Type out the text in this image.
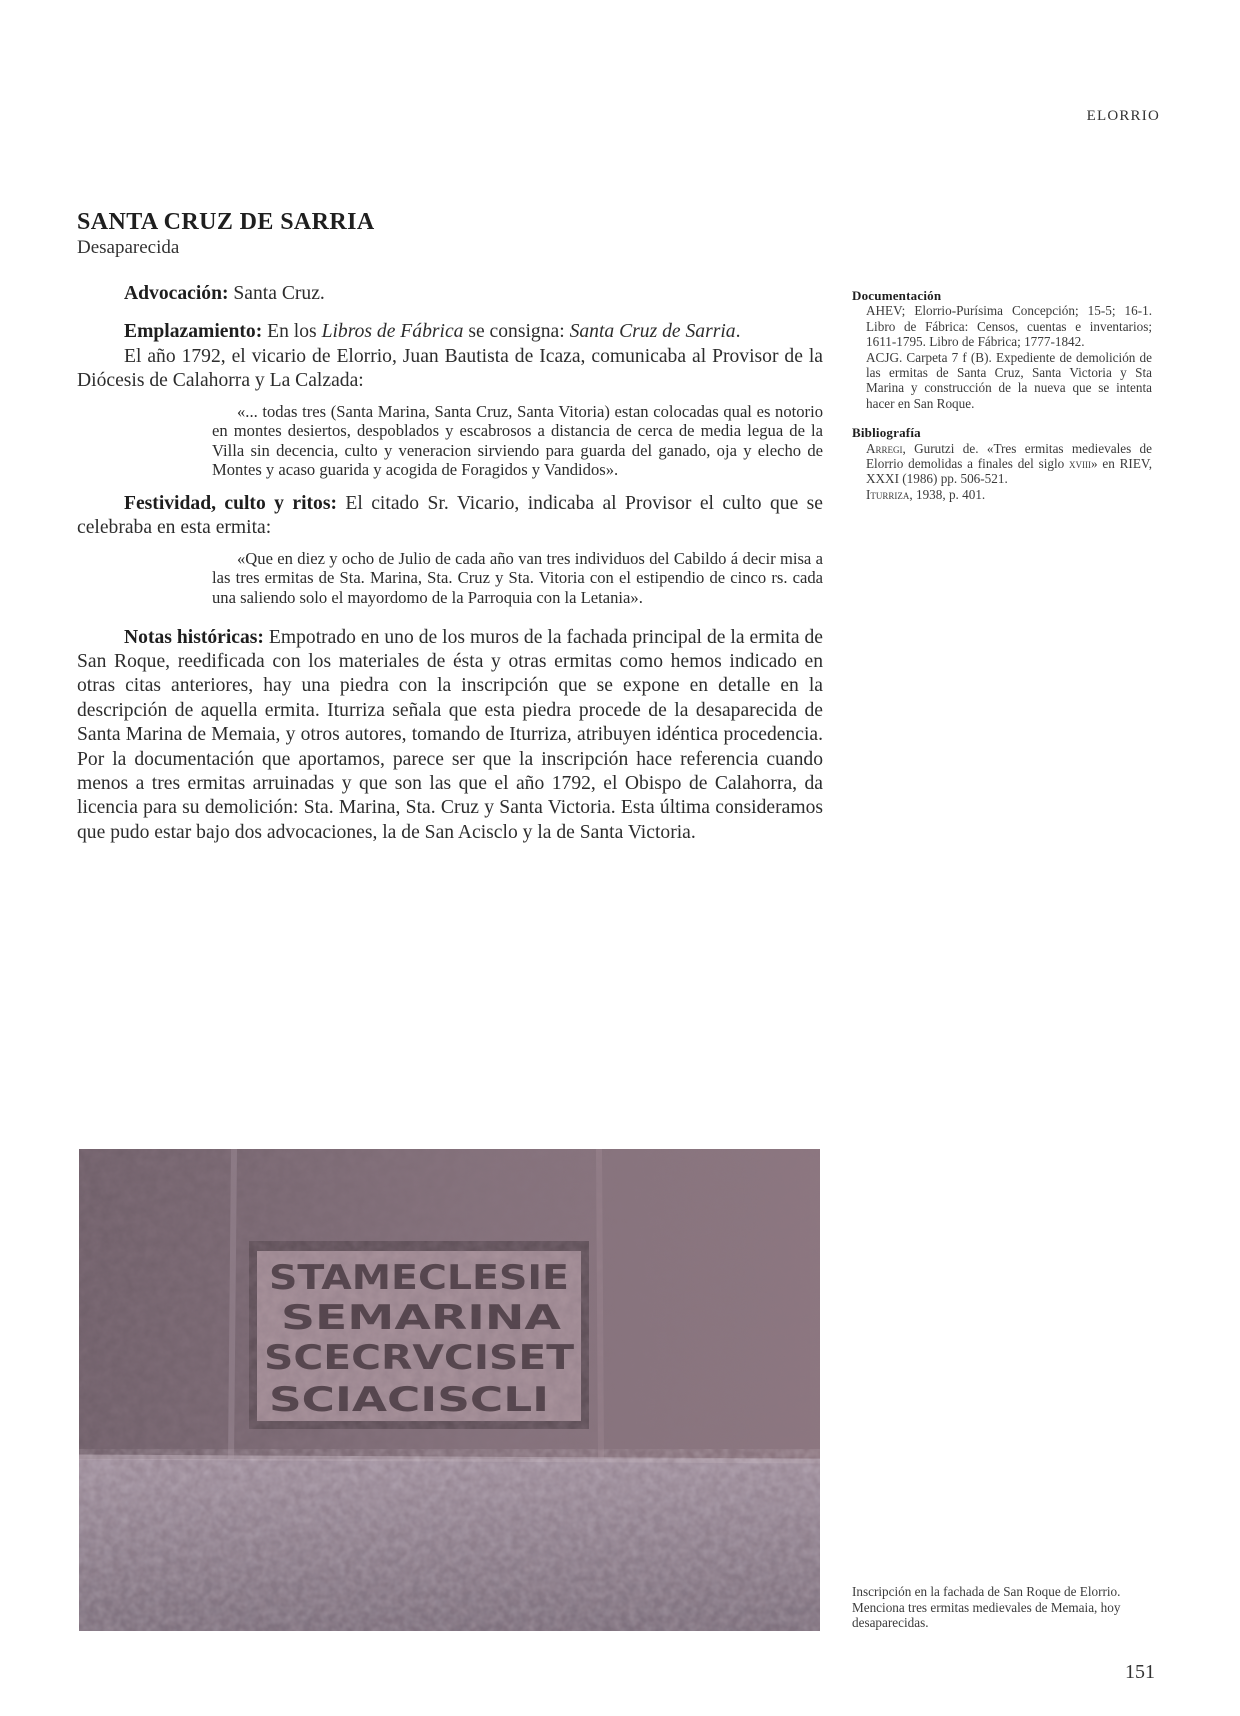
ELORRIO
SANTA CRUZ DE SARRIA
Desaparecida

Advocación: Santa Cruz.

Emplazamiento: En los Libros de Fábrica se consigna: Santa Cruz de Sarria.

El año 1792, el vicario de Elorrio, Juan Bautista de Icaza, comunicaba al Provisor de la Diócesis de Calahorra y La Calzada:

«... todas tres (Santa Marina, Santa Cruz, Santa Vitoria) estan colocadas qual es notorio en montes desiertos, despoblados y escabrosos a distancia de cerca de media legua de la Villa sin decencia, culto y veneracion sirviendo para guarda del ganado, oja y elecho de Montes y acaso guarida y acogida de Foragidos y Vandidos».

Festividad, culto y ritos: El citado Sr. Vicario, indicaba al Provisor el culto que se celebraba en esta ermita:

«Que en diez y ocho de Julio de cada año van tres individuos del Cabildo á decir misa a las tres ermitas de Sta. Marina, Sta. Cruz y Sta. Vitoria con el estipendio de cinco rs. cada una saliendo solo el mayordomo de la Parroquia con la Letania».

Notas históricas: Empotrado en uno de los muros de la fachada principal de la ermita de San Roque, reedificada con los materiales de ésta y otras ermitas como hemos indicado en otras citas anteriores, hay una piedra con la inscripción que se expone en detalle en la descripción de aquella ermita. Iturriza señala que esta piedra procede de la desaparecida de Santa Marina de Memaia, y otros autores, tomando de Iturriza, atribuyen idéntica procedencia. Por la documentación que aportamos, parece ser que la inscripción hace referencia cuando menos a tres ermitas arruinadas y que son las que el año 1792, el Obispo de Calahorra, da licencia para su demolición: Sta. Marina, Sta. Cruz y Santa Victoria. Esta última consideramos que pudo estar bajo dos advocaciones, la de San Acisclo y la de Santa Victoria.

Documentación

AHEV; Elorrio-Purísima Concepción; 15-5; 16-1. Libro de Fábrica: Censos, cuentas e inventarios; 1611-1795. Libro de Fábrica; 1777-1842.

ACJG. Carpeta 7 f (B). Expediente de demolición de las ermitas de Santa Cruz, Santa Victoria y Sta Marina y construcción de la nueva que se intenta hacer en San Roque.

Bibliografía

Arregi, Gurutzi de. «Tres ermitas medievales de Elorrio demolidas a finales del siglo xviii» en RIEV, XXXI (1986) pp. 506-521.

Iturriza, 1938, p. 401.

STAMECLESIE
SEMARINA
SCECRVCISET
SCIACISCLI
Inscripción en la fachada de San Roque de Elorrio. Menciona tres ermitas medievales de Memaia, hoy desaparecidas.
151
